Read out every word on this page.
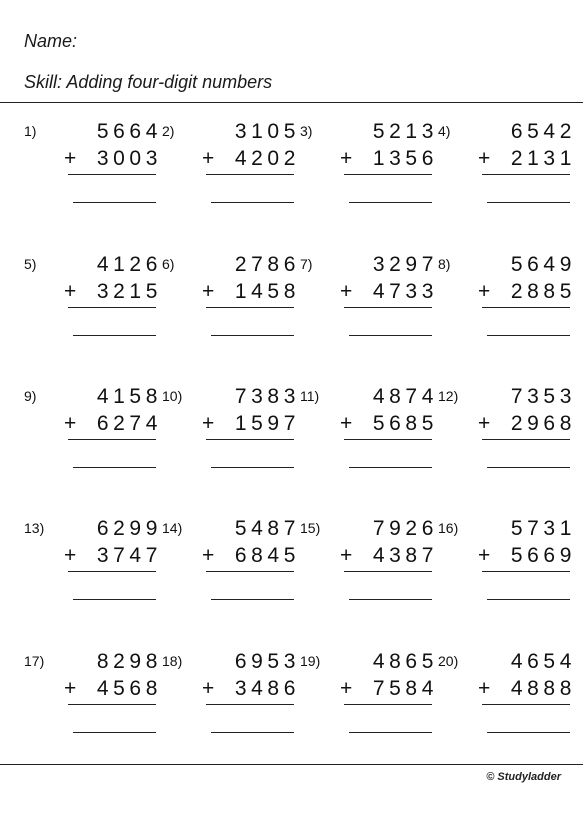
Name:
Skill: Adding four-digit numbers
1)	5664
+ 3003
2)	3105
+ 4202
3)	5213
+ 1356
4)	6542
+ 2131
5)	4126
+ 3215
6)	2786
+ 1458
7)	3297
+ 4733
8)	5649
+ 2885
9)	4158
+ 6274
10)	7383
+ 1597
11)	4874
+ 5685
12)	7353
+ 2968
13)	6299
+ 3747
14)	5487
+ 6845
15)	7926
+ 4387
16)	5731
+ 5669
17)	8298
+ 4568
18)	6953
+ 3486
19)	4865
+ 7584
20)	4654
+ 4888
© Studyladder
